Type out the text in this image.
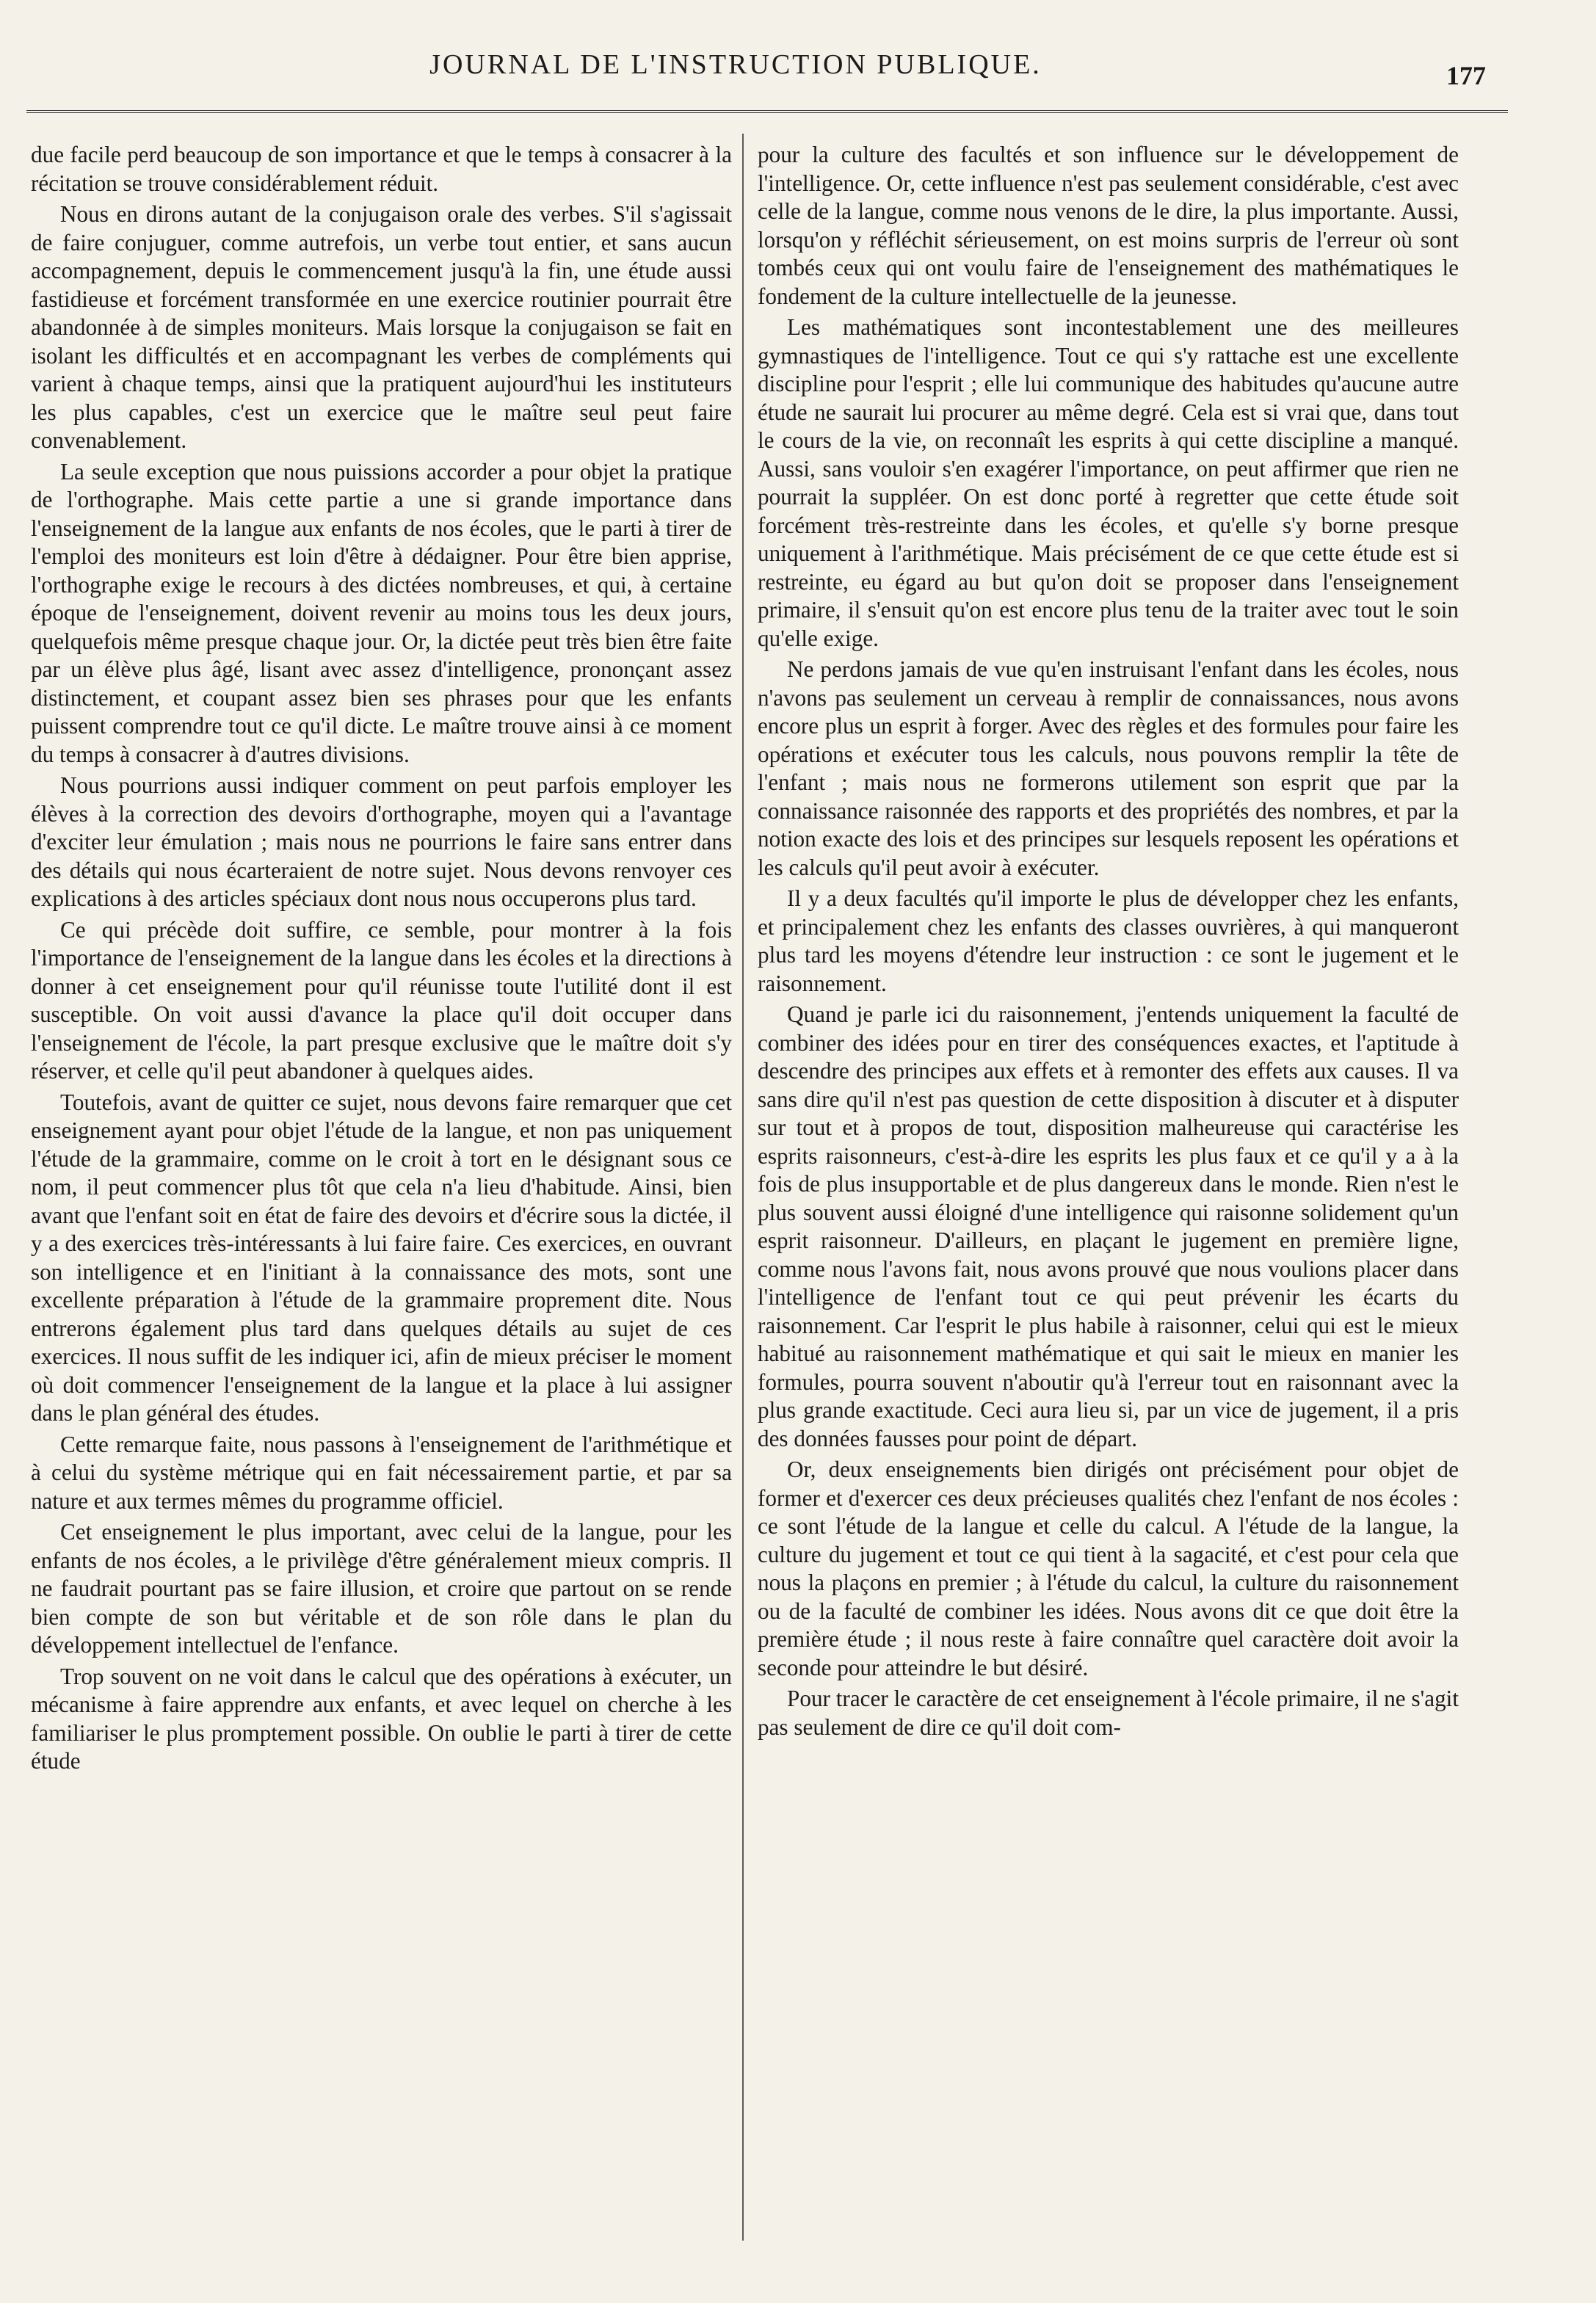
JOURNAL DE L'INSTRUCTION PUBLIQUE.	177

due facile perd beaucoup de son importance et que le temps à consacrer à la récitation se trouve considérablement réduit.

Nous en dirons autant de la conjugaison orale des verbes. S'il s'agissait de faire conjuguer, comme autrefois, un verbe tout entier, et sans aucun accompagnement, depuis le commencement jusqu'à la fin, une étude aussi fastidieuse et forcément transformée en une exercice routinier pourrait être abandonnée à de simples moniteurs. Mais lorsque la conjugaison se fait en isolant les difficultés et en accompagnant les verbes de compléments qui varient à chaque temps, ainsi que la pratiquent aujourd'hui les instituteurs les plus capables, c'est un exercice que le maître seul peut faire convenablement.

La seule exception que nous puissions accorder a pour objet la pratique de l'orthographe. Mais cette partie a une si grande importance dans l'enseignement de la langue aux enfants de nos écoles, que le parti à tirer de l'emploi des moniteurs est loin d'être à dédaigner. Pour être bien apprise, l'orthographe exige le recours à des dictées nombreuses, et qui, à certaine époque de l'enseignement, doivent revenir au moins tous les deux jours, quelquefois même presque chaque jour. Or, la dictée peut très bien être faite par un élève plus âgé, lisant avec assez d'intelligence, prononçant assez distinctement, et coupant assez bien ses phrases pour que les enfants puissent comprendre tout ce qu'il dicte. Le maître trouve ainsi à ce moment du temps à consacrer à d'autres divisions.

Nous pourrions aussi indiquer comment on peut parfois employer les élèves à la correction des devoirs d'orthographe, moyen qui a l'avantage d'exciter leur émulation ; mais nous ne pourrions le faire sans entrer dans des détails qui nous écarteraient de notre sujet. Nous devons renvoyer ces explications à des articles spéciaux dont nous nous occuperons plus tard.

Ce qui précède doit suffire, ce semble, pour montrer à la fois l'importance de l'enseignement de la langue dans les écoles et la directions à donner à cet enseignement pour qu'il réunisse toute l'utilité dont il est susceptible. On voit aussi d'avance la place qu'il doit occuper dans l'enseignement de l'école, la part presque exclusive que le maître doit s'y réserver, et celle qu'il peut abandoner à quelques aides.

Toutefois, avant de quitter ce sujet, nous devons faire remarquer que cet enseignement ayant pour objet l'étude de la langue, et non pas uniquement l'étude de la grammaire, comme on le croit à tort en le désignant sous ce nom, il peut commencer plus tôt que cela n'a lieu d'habitude. Ainsi, bien avant que l'enfant soit en état de faire des devoirs et d'écrire sous la dictée, il y a des exercices très-intéressants à lui faire faire. Ces exercices, en ouvrant son intelligence et en l'initiant à la connaissance des mots, sont une excellente préparation à l'étude de la grammaire proprement dite. Nous entrerons également plus tard dans quelques détails au sujet de ces exercices. Il nous suffit de les indiquer ici, afin de mieux préciser le moment où doit commencer l'enseignement de la langue et la place à lui assigner dans le plan général des études.

Cette remarque faite, nous passons à l'enseignement de l'arithmétique et à celui du système métrique qui en fait nécessairement partie, et par sa nature et aux termes mêmes du programme officiel.

Cet enseignement le plus important, avec celui de la langue, pour les enfants de nos écoles, a le privilège d'être généralement mieux compris. Il ne faudrait pourtant pas se faire illusion, et croire que partout on se rende bien compte de son but véritable et de son rôle dans le plan du développement intellectuel de l'enfance.

Trop souvent on ne voit dans le calcul que des opérations à exécuter, un mécanisme à faire apprendre aux enfants, et avec lequel on cherche à les familiariser le plus promptement possible. On oublie le parti à tirer de cette étude

pour la culture des facultés et son influence sur le développement de l'intelligence. Or, cette influence n'est pas seulement considérable, c'est avec celle de la langue, comme nous venons de le dire, la plus importante. Aussi, lorsqu'on y réfléchit sérieusement, on est moins surpris de l'erreur où sont tombés ceux qui ont voulu faire de l'enseignement des mathématiques le fondement de la culture intellectuelle de la jeunesse.

Les mathématiques sont incontestablement une des meilleures gymnastiques de l'intelligence. Tout ce qui s'y rattache est une excellente discipline pour l'esprit ; elle lui communique des habitudes qu'aucune autre étude ne saurait lui procurer au même degré. Cela est si vrai que, dans tout le cours de la vie, on reconnaît les esprits à qui cette discipline a manqué. Aussi, sans vouloir s'en exagérer l'importance, on peut affirmer que rien ne pourrait la suppléer. On est donc porté à regretter que cette étude soit forcément très-restreinte dans les écoles, et qu'elle s'y borne presque uniquement à l'arithmétique. Mais précisément de ce que cette étude est si restreinte, eu égard au but qu'on doit se proposer dans l'enseignement primaire, il s'ensuit qu'on est encore plus tenu de la traiter avec tout le soin qu'elle exige.

Ne perdons jamais de vue qu'en instruisant l'enfant dans les écoles, nous n'avons pas seulement un cerveau à remplir de connaissances, nous avons encore plus un esprit à forger. Avec des règles et des formules pour faire les opérations et exécuter tous les calculs, nous pouvons remplir la tête de l'enfant ; mais nous ne formerons utilement son esprit que par la connaissance raisonnée des rapports et des propriétés des nombres, et par la notion exacte des lois et des principes sur lesquels reposent les opérations et les calculs qu'il peut avoir à exécuter.

Il y a deux facultés qu'il importe le plus de développer chez les enfants, et principalement chez les enfants des classes ouvrières, à qui manqueront plus tard les moyens d'étendre leur instruction : ce sont le jugement et le raisonnement.

Quand je parle ici du raisonnement, j'entends uniquement la faculté de combiner des idées pour en tirer des conséquences exactes, et l'aptitude à descendre des principes aux effets et à remonter des effets aux causes. Il va sans dire qu'il n'est pas question de cette disposition à discuter et à disputer sur tout et à propos de tout, disposition malheureuse qui caractérise les esprits raisonneurs, c'est-à-dire les esprits les plus faux et ce qu'il y a à la fois de plus insupportable et de plus dangereux dans le monde. Rien n'est le plus souvent aussi éloigné d'une intelligence qui raisonne solidement qu'un esprit raisonneur. D'ailleurs, en plaçant le jugement en première ligne, comme nous l'avons fait, nous avons prouvé que nous voulions placer dans l'intelligence de l'enfant tout ce qui peut prévenir les écarts du raisonnement. Car l'esprit le plus habile à raisonner, celui qui est le mieux habitué au raisonnement mathématique et qui sait le mieux en manier les formules, pourra souvent n'aboutir qu'à l'erreur tout en raisonnant avec la plus grande exactitude. Ceci aura lieu si, par un vice de jugement, il a pris des données fausses pour point de départ.

Or, deux enseignements bien dirigés ont précisément pour objet de former et d'exercer ces deux précieuses qualités chez l'enfant de nos écoles : ce sont l'étude de la langue et celle du calcul. A l'étude de la langue, la culture du jugement et tout ce qui tient à la sagacité, et c'est pour cela que nous la plaçons en premier ; à l'étude du calcul, la culture du raisonnement ou de la faculté de combiner les idées. Nous avons dit ce que doit être la première étude ; il nous reste à faire connaître quel caractère doit avoir la seconde pour atteindre le but désiré.

Pour tracer le caractère de cet enseignement à l'école primaire, il ne s'agit pas seulement de dire ce qu'il doit com-
